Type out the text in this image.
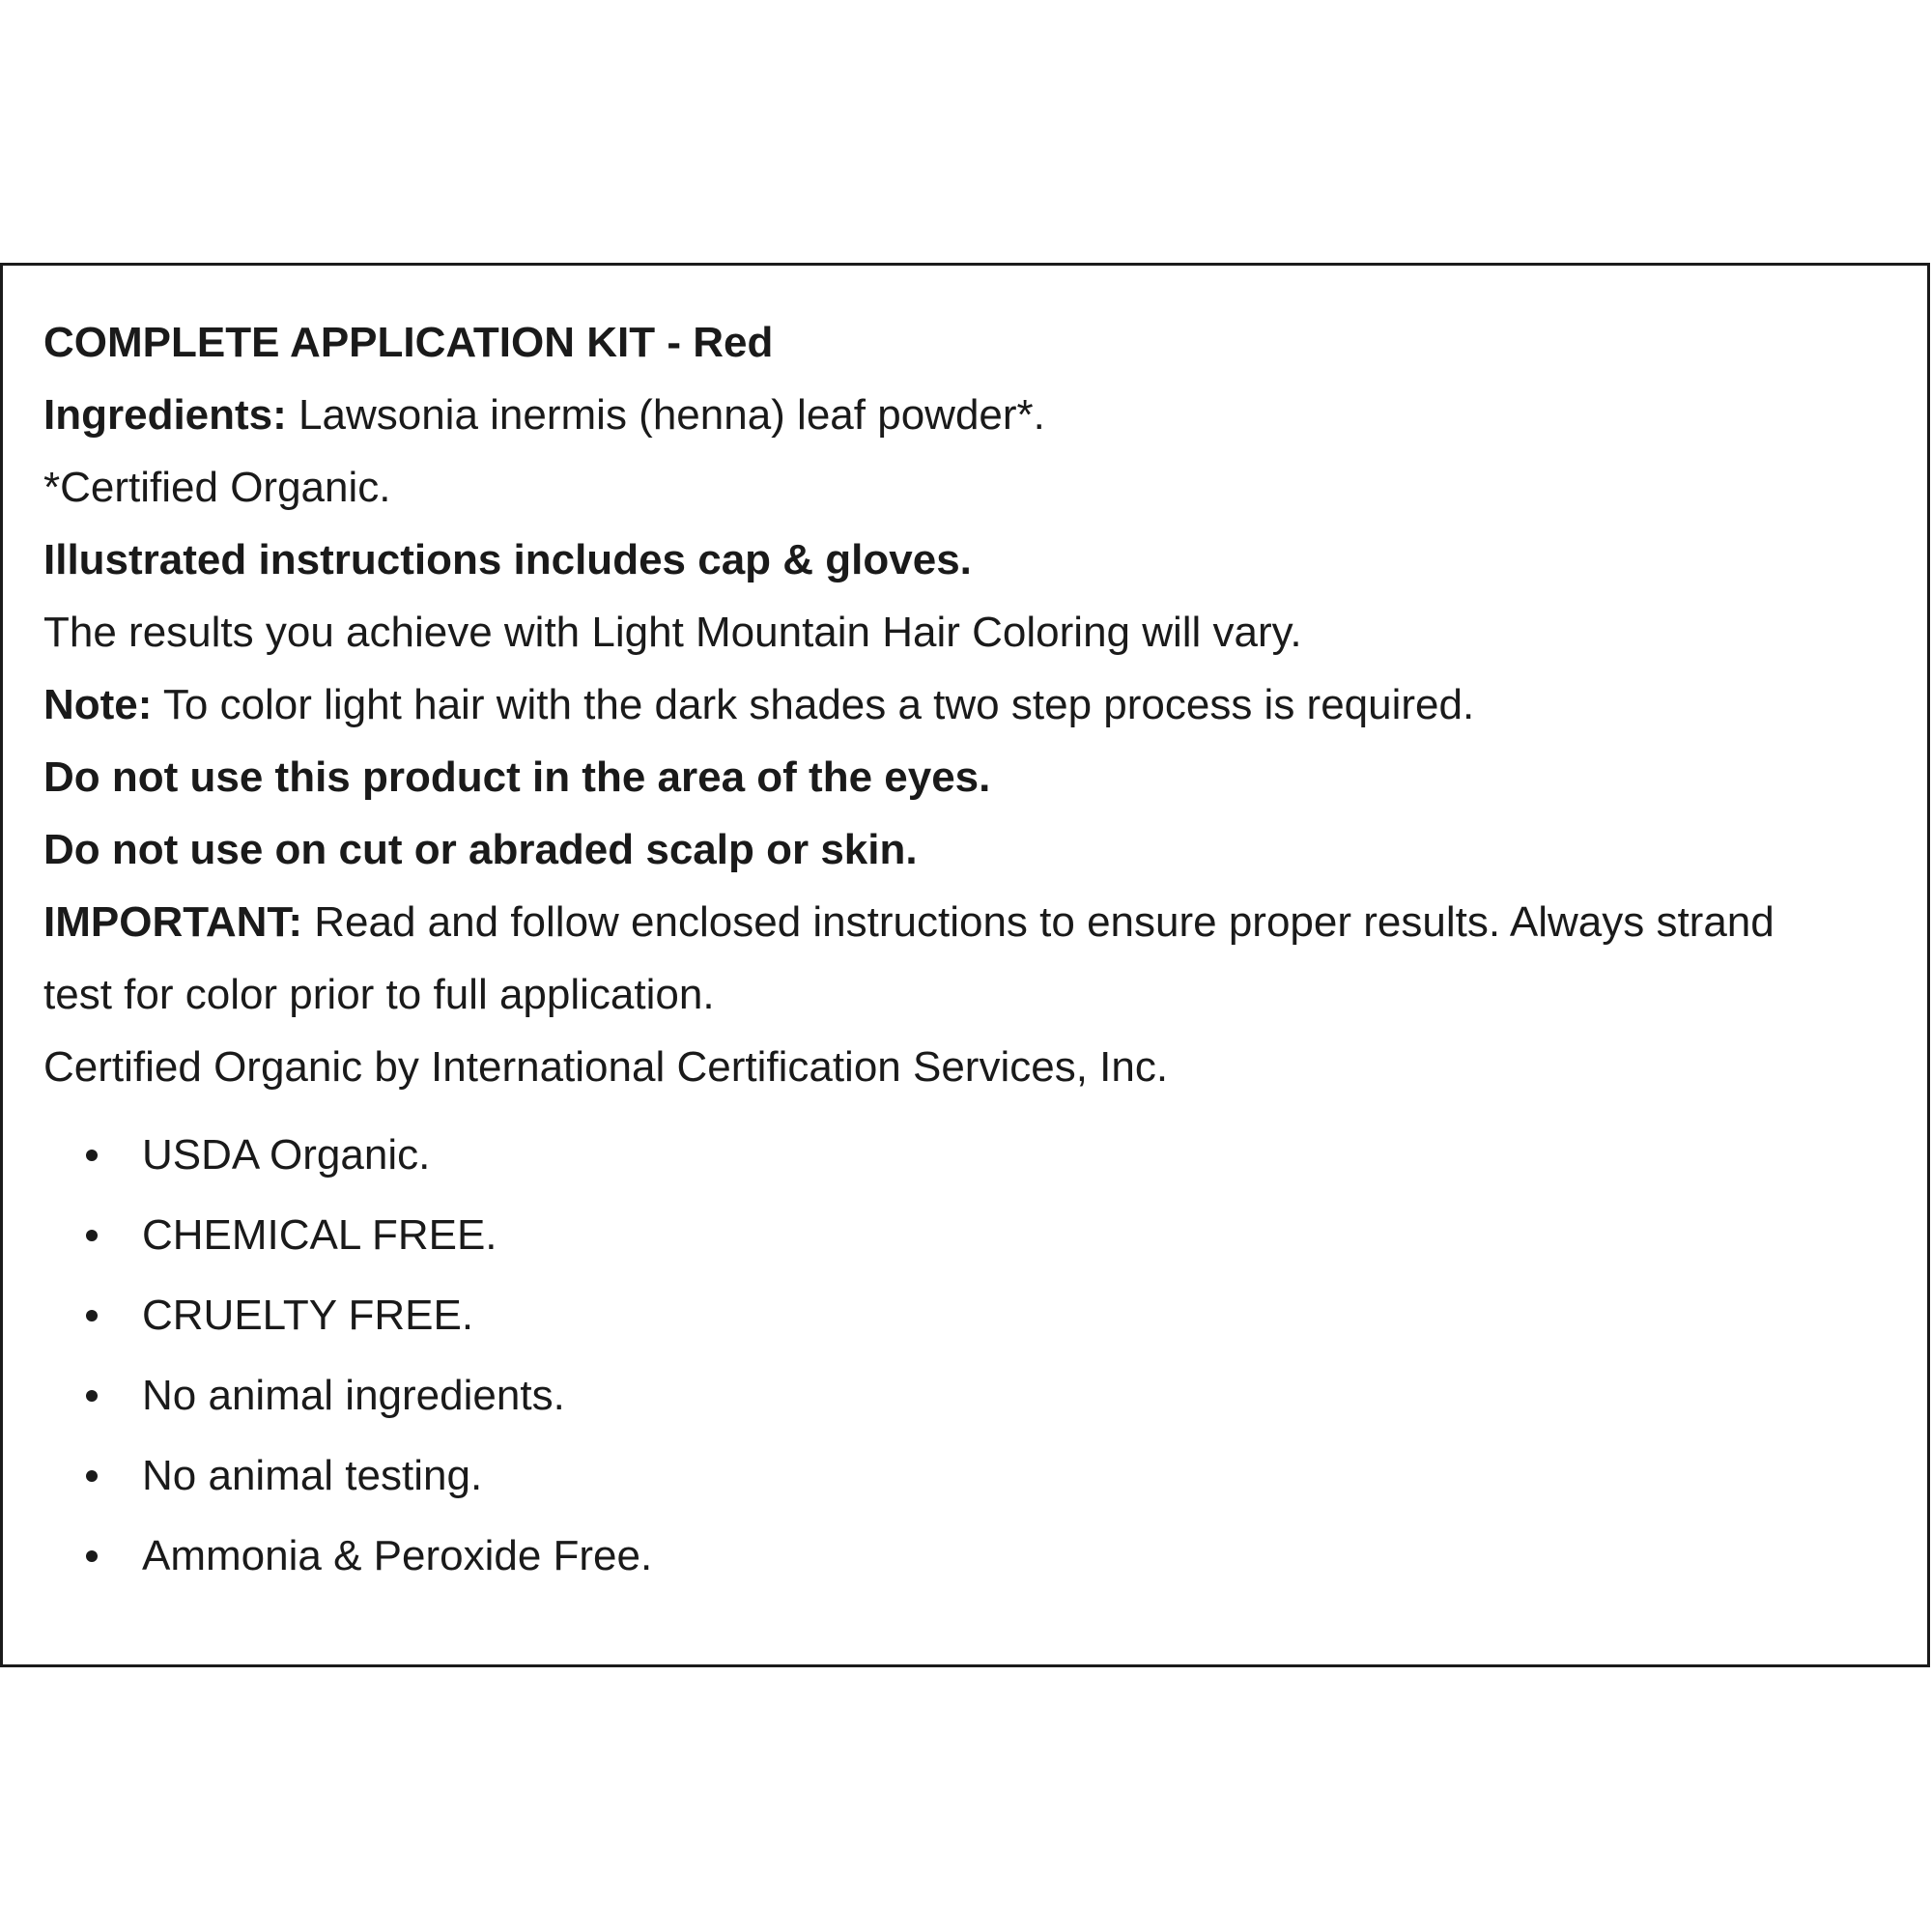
COMPLETE APPLICATION KIT - Red

Ingredients: Lawsonia inermis (henna) leaf powder*.

*Certified Organic.

Illustrated instructions includes cap & gloves.

The results you achieve with Light Mountain Hair Coloring will vary.

Note: To color light hair with the dark shades a two step process is required.

Do not use this product in the area of the eyes.

Do not use on cut or abraded scalp or skin.

IMPORTANT: Read and follow enclosed instructions to ensure proper results. Always strand test for color prior to full application.

Certified Organic by International Certification Services, Inc.

USDA Organic.
CHEMICAL FREE.
CRUELTY FREE.
No animal ingredients.
No animal testing.
Ammonia & Peroxide Free.
